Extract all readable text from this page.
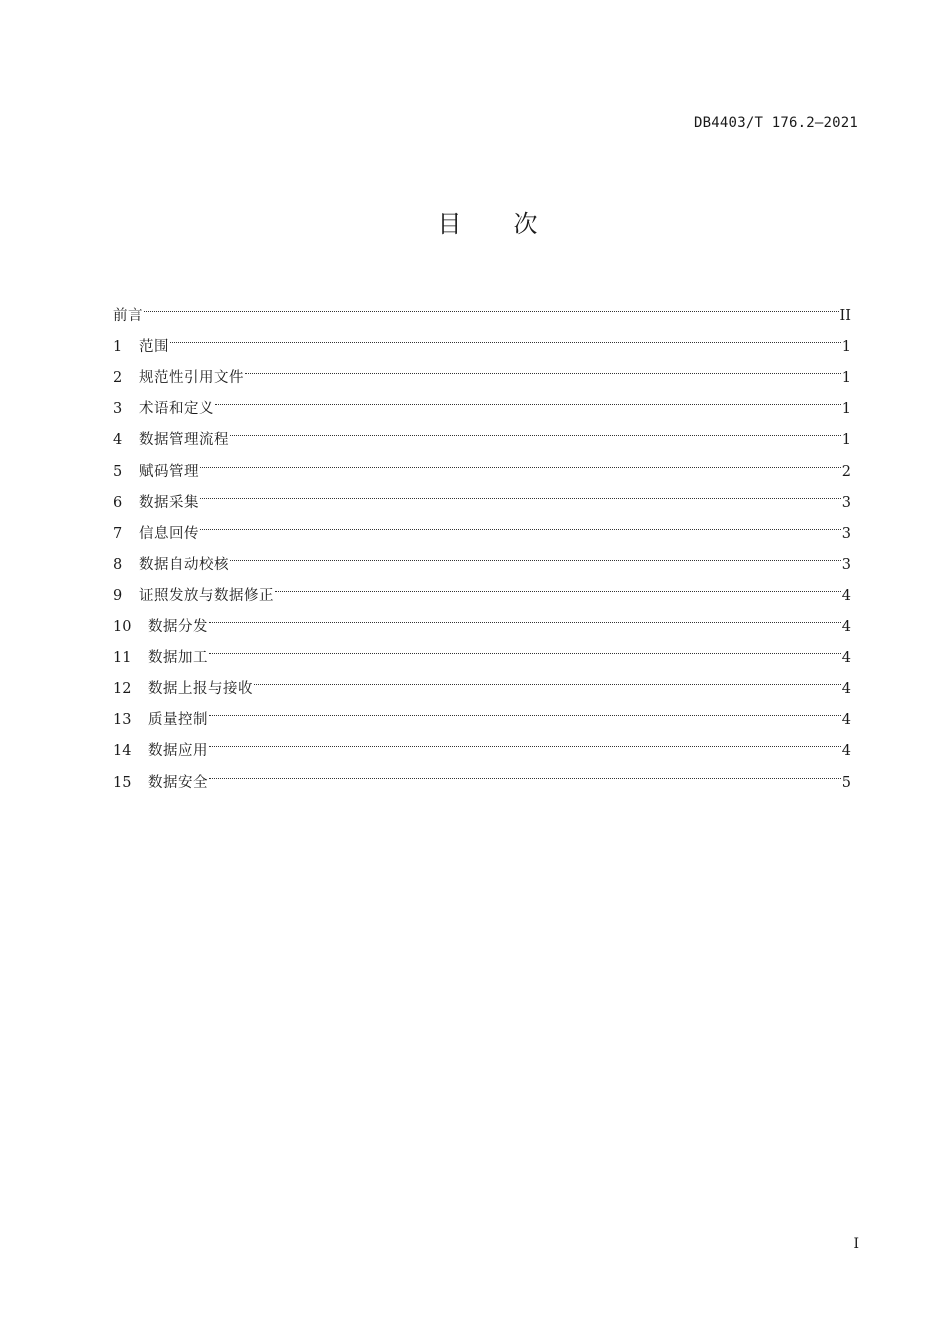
DB4403/T 176.2—2021
目 次
前言	II
1	范围	1
2	规范性引用文件	1
3	术语和定义	1
4	数据管理流程	1
5	赋码管理	2
6	数据采集	3
7	信息回传	3
8	数据自动校核	3
9	证照发放与数据修正	4
10	数据分发	4
11	数据加工	4
12	数据上报与接收	4
13	质量控制	4
14	数据应用	4
15	数据安全	5
I
